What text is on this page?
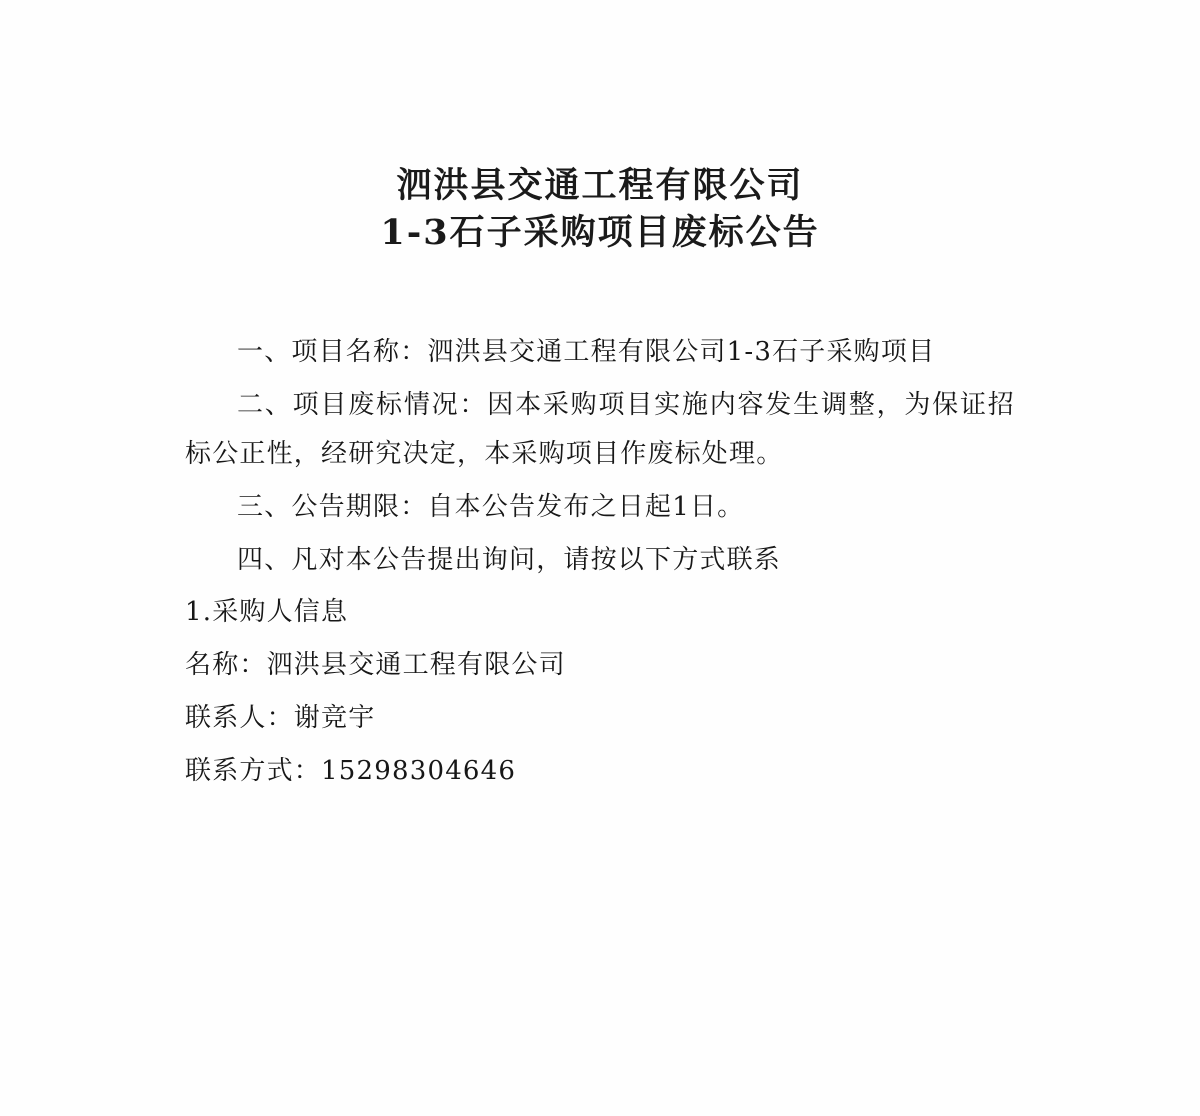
泗洪县交通工程有限公司
1-3石子采购项目废标公告

一、项目名称：泗洪县交通工程有限公司1-3石子采购项目

二、项目废标情况：因本采购项目实施内容发生调整，为保证招标公正性，经研究决定，本采购项目作废标处理。

三、公告期限：自本公告发布之日起1日。

四、凡对本公告提出询问，请按以下方式联系

1.采购人信息

名称：泗洪县交通工程有限公司

联系人：谢竞宇

联系方式：15298304646
